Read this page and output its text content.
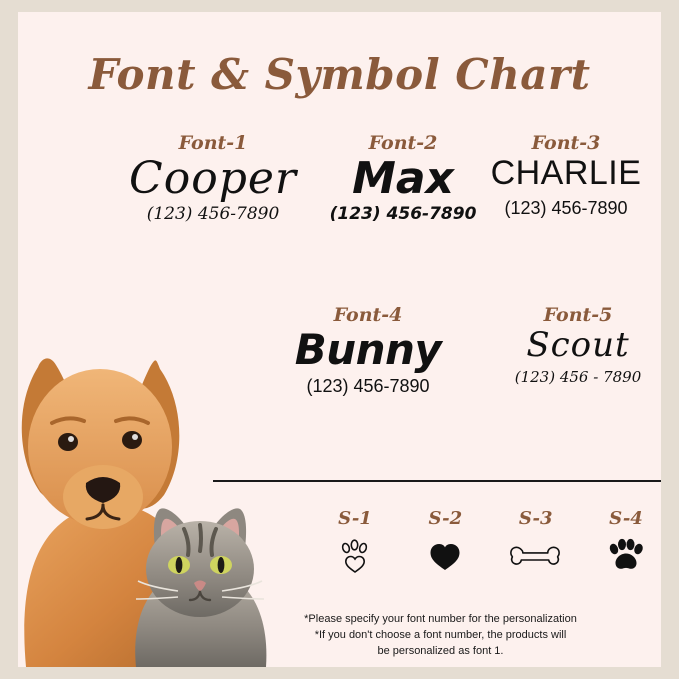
Font & Symbol Chart
Font-1
Cooper
(123) 456-7890
Font-2
Max
(123) 456-7890
Font-3
CHARLIE
(123) 456-7890
Font-4
Bunny
(123) 456-7890
Font-5
Scout
(123) 456 - 7890
S-1	S-2	S-3	S-4
*Please specify your font number for the personalization
*If you don't choose a font number, the products will
be personalized as font 1.
